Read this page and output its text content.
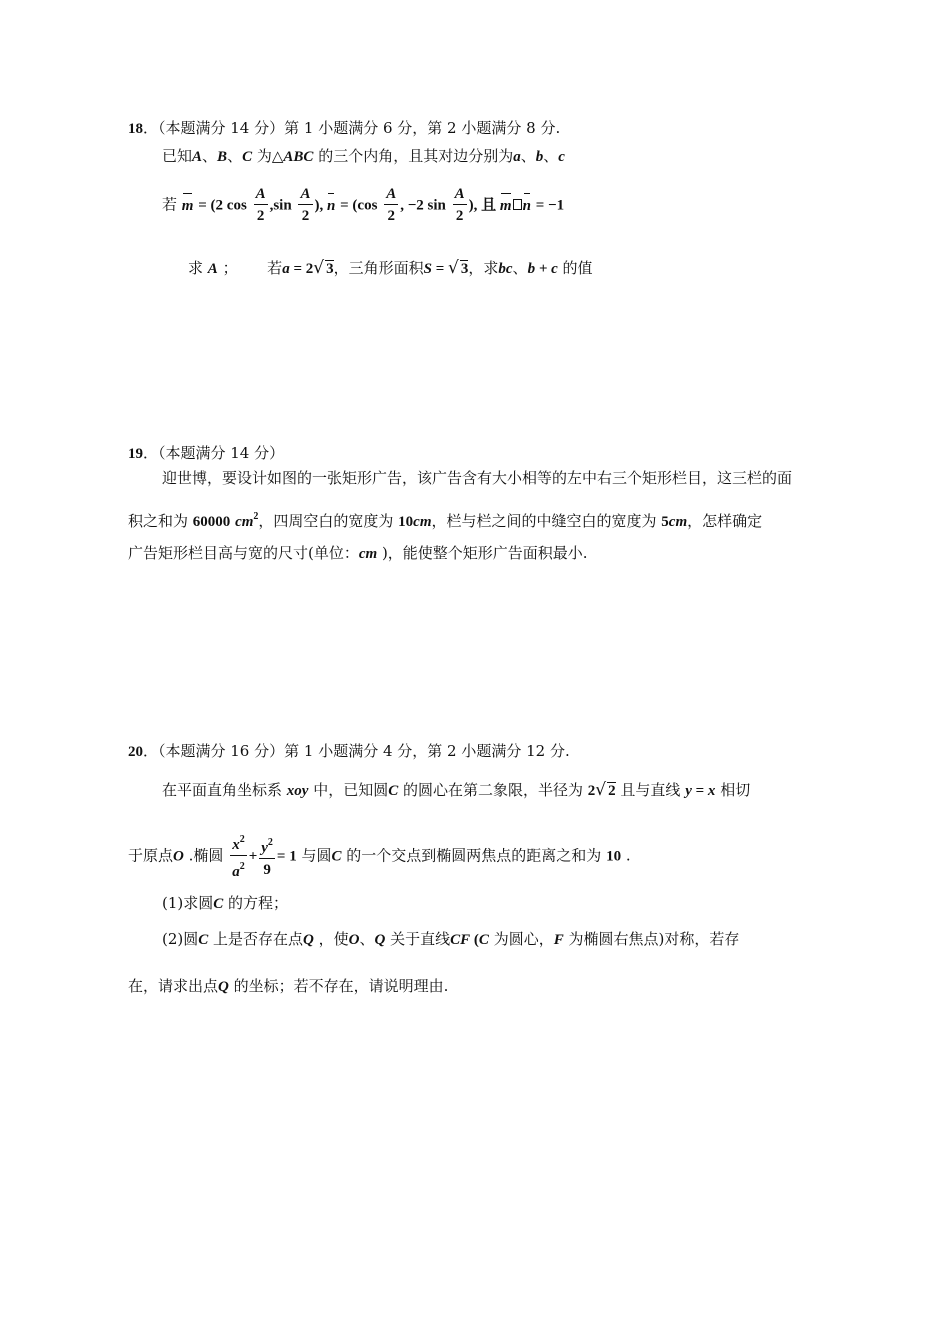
18．（本题满分 14 分）第 1 小题满分 6 分，第 2 小题满分 8 分.
已知A、B、C 为△ABC 的三个内角，且其对边分别为a、b、c
若 m = (2 $\cos \frac{A}{2} ,\sin \frac{A}{2}$ ), $n = (\cos \frac{A}{2}$ , −2 $\sin \frac{A}{2}$ ), 且 m n = −1
求 A ； 若a = 2√ 3，三角形面积S = √ 3，求bc、b + c 的值
19．（本题满分 14 分）
迎世博，要设计如图的一张矩形广告，该广告含有大小相等的左中右三个矩形栏目，这三栏的面
积之和为 60000 $cm^2$，四周空白的宽度为 10cm，栏与栏之间的中缝空白的宽度为 5cm，怎样确定
广告矩形栏目高与宽的尺寸(单位：cm )，能使整个矩形广告面积最小.
20．（本题满分 16 分）第 1 小题满分 4 分，第 2 小题满分 12 分.
在平面直角坐标系 xoy 中，已知圆C 的圆心在第二象限，半径为 2√ 2 且与直线 y = x 相切
于原点O .椭圆 $\frac{x^2}{a^2} + \frac{y^2}{9} = 1$ 与圆C 的一个交点到椭圆两焦点的距离之和为 10 .
(1)求圆C 的方程；
(2)圆C 上是否存在点Q ，使O、Q 关于直线CF (C 为圆心，F 为椭圆右焦点)对称，若存
在，请求出点Q 的坐标；若不存在，请说明理由.
